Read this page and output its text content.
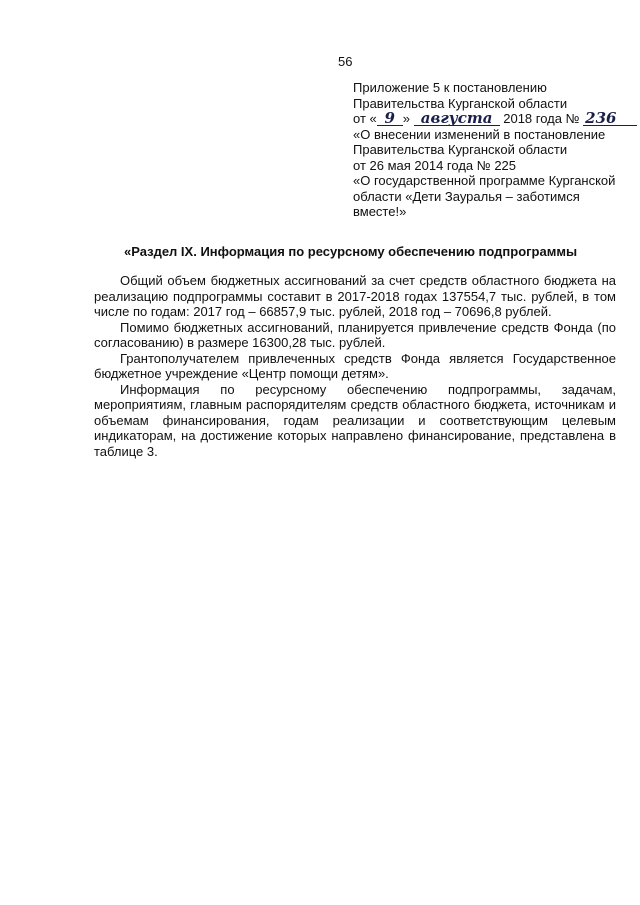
56
Приложение 5 к постановлению
Правительства Курганской области
от « 9 » августа 2018 года № 236
«О внесении изменений в постановление
Правительства Курганской области
от 26 мая 2014 года № 225
«О государственной программе Курганской области «Дети Зауралья – заботимся вместе!»
«Раздел IX. Информация по ресурсному обеспечению подпрограммы

Общий объем бюджетных ассигнований за счет средств областного бюджета на реализацию подпрограммы составит в 2017-2018 годах 137554,7 тыс. рублей, в том числе по годам: 2017 год – 66857,9 тыс. рублей, 2018 год – 70696,8 рублей.

Помимо бюджетных ассигнований, планируется привлечение средств Фонда (по согласованию) в размере 16300,28 тыс. рублей.

Грантополучателем привлеченных средств Фонда является Государственное бюджетное учреждение «Центр помощи детям».

Информация по ресурсному обеспечению подпрограммы, задачам, мероприятиям, главным распорядителям средств областного бюджета, источникам и объемам финансирования, годам реализации и соответствующим целевым индикаторам, на достижение которых направлено финансирование, представлена в таблице 3.
